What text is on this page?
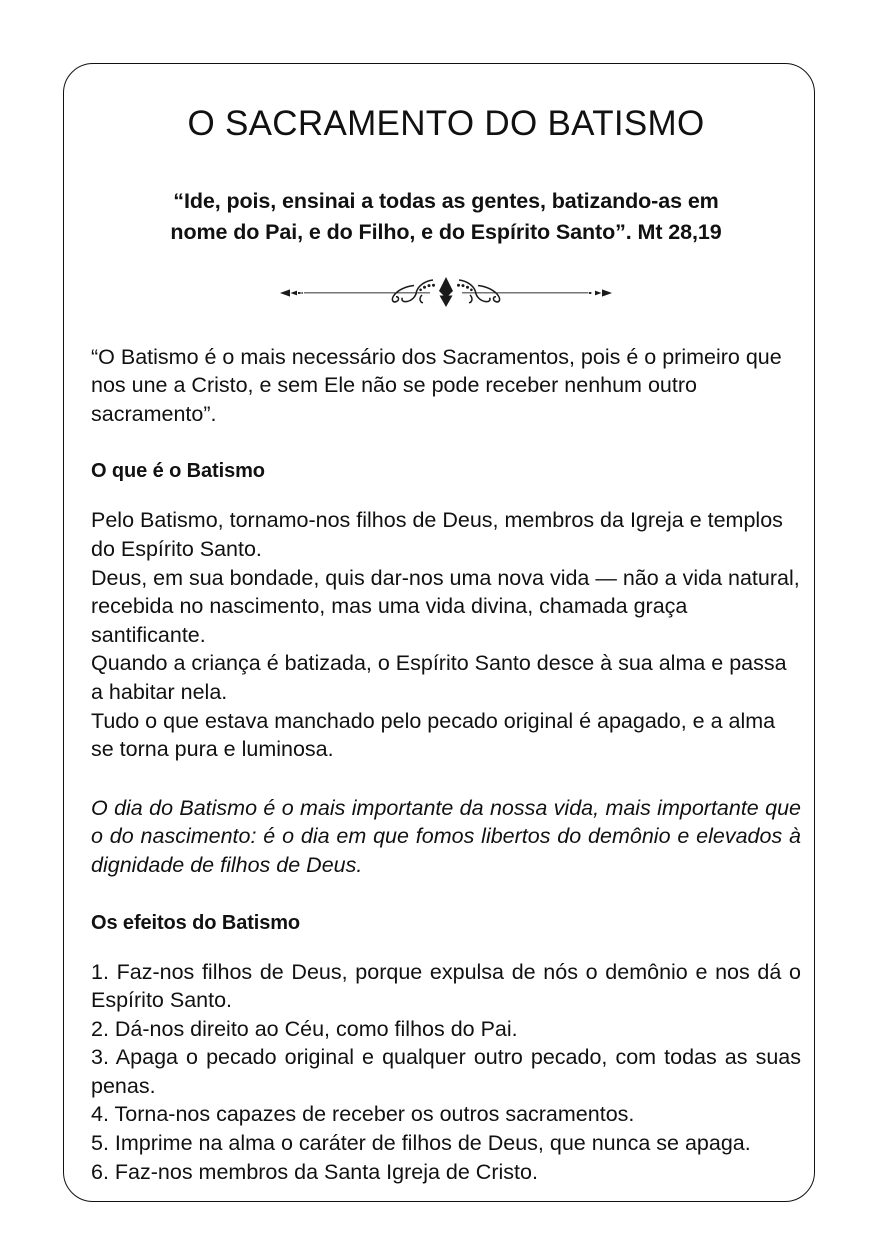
O SACRAMENTO DO BATISMO
“Ide, pois, ensinai a todas as gentes, batizando-as em
nome do Pai, e do Filho, e do Espírito Santo”. Mt 28,19

“O Batismo é o mais necessário dos Sacramentos, pois é o primeiro que nos une a Cristo, e sem Ele não se pode receber nenhum outro sacramento”.

O que é o Batismo
Pelo Batismo, tornamo-nos filhos de Deus, membros da Igreja e templos do Espírito Santo.
Deus, em sua bondade, quis dar-nos uma nova vida — não a vida natural, recebida no nascimento, mas uma vida divina, chamada graça santificante.
Quando a criança é batizada, o Espírito Santo desce à sua alma e passa a habitar nela.
Tudo o que estava manchado pelo pecado original é apagado, e a alma se torna pura e luminosa.

O dia do Batismo é o mais importante da nossa vida, mais importante que o do nascimento: é o dia em que fomos libertos do demônio e elevados à dignidade de filhos de Deus.

Os efeitos do Batismo
1. Faz-nos filhos de Deus, porque expulsa de nós o demônio e nos dá o Espírito Santo.
2. Dá-nos direito ao Céu, como filhos do Pai.
3. Apaga o pecado original e qualquer outro pecado, com todas as suas penas.
4. Torna-nos capazes de receber os outros sacramentos.
5. Imprime na alma o caráter de filhos de Deus, que nunca se apaga.
6. Faz-nos membros da Santa Igreja de Cristo.
